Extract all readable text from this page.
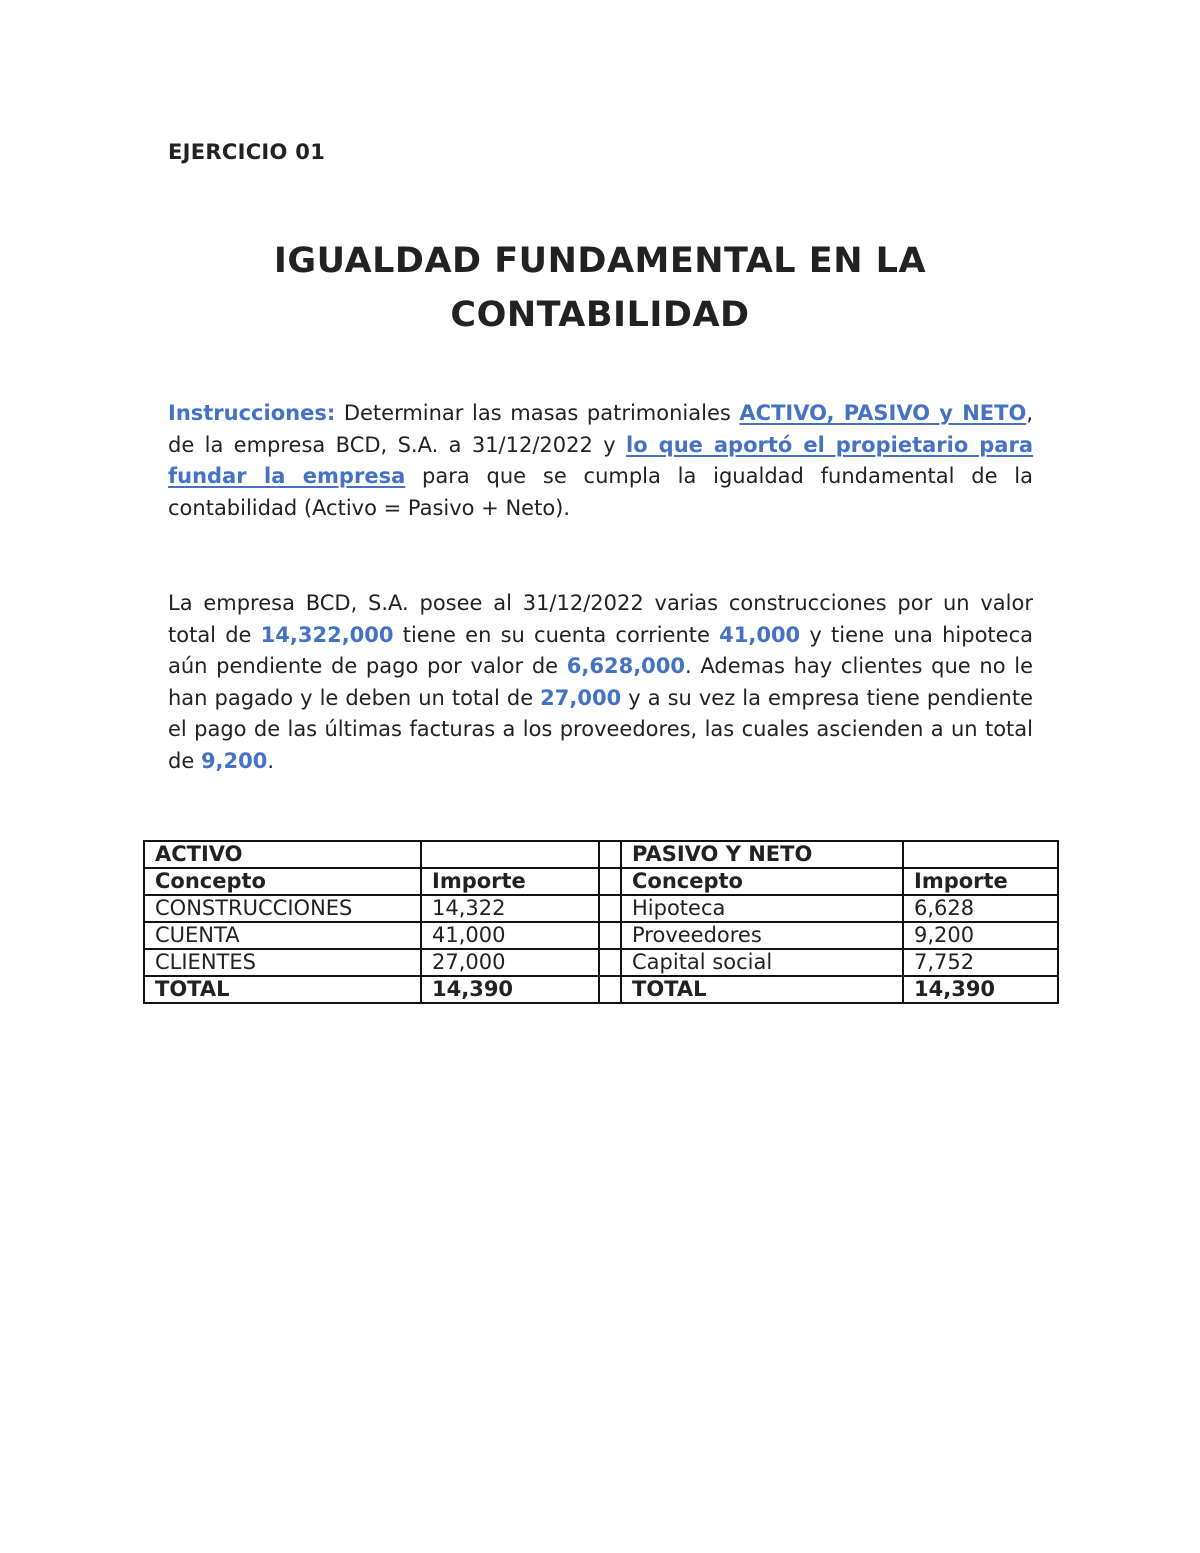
EJERCICIO 01
IGUALDAD FUNDAMENTAL EN LA
CONTABILIDAD

Instrucciones: Determinar las masas patrimoniales ACTIVO, PASIVO y NETO, de la empresa BCD, S.A. a 31/12/2022 y lo que aportó el propietario para fundar la empresa para que se cumpla la igualdad fundamental de la contabilidad (Activo = Pasivo + Neto).

La empresa BCD, S.A. posee al 31/12/2022 varias construcciones por un valor total de 14,322,000 tiene en su cuenta corriente 41,000 y tiene una hipoteca aún pendiente de pago por valor de 6,628,000. Ademas hay clientes que no le han pagado y le deben un total de 27,000 y a su vez la empresa tiene pendiente el pago de las últimas facturas a los proveedores, las cuales ascienden a un total de 9,200.

ACTIVO			PASIVO Y NETO	
Concepto	Importe		Concepto	Importe
CONSTRUCCIONES	14,322		Hipoteca	6,628
CUENTA	41,000		Proveedores	9,200
CLIENTES	27,000		Capital social	7,752
TOTAL	14,390		TOTAL	14,390
